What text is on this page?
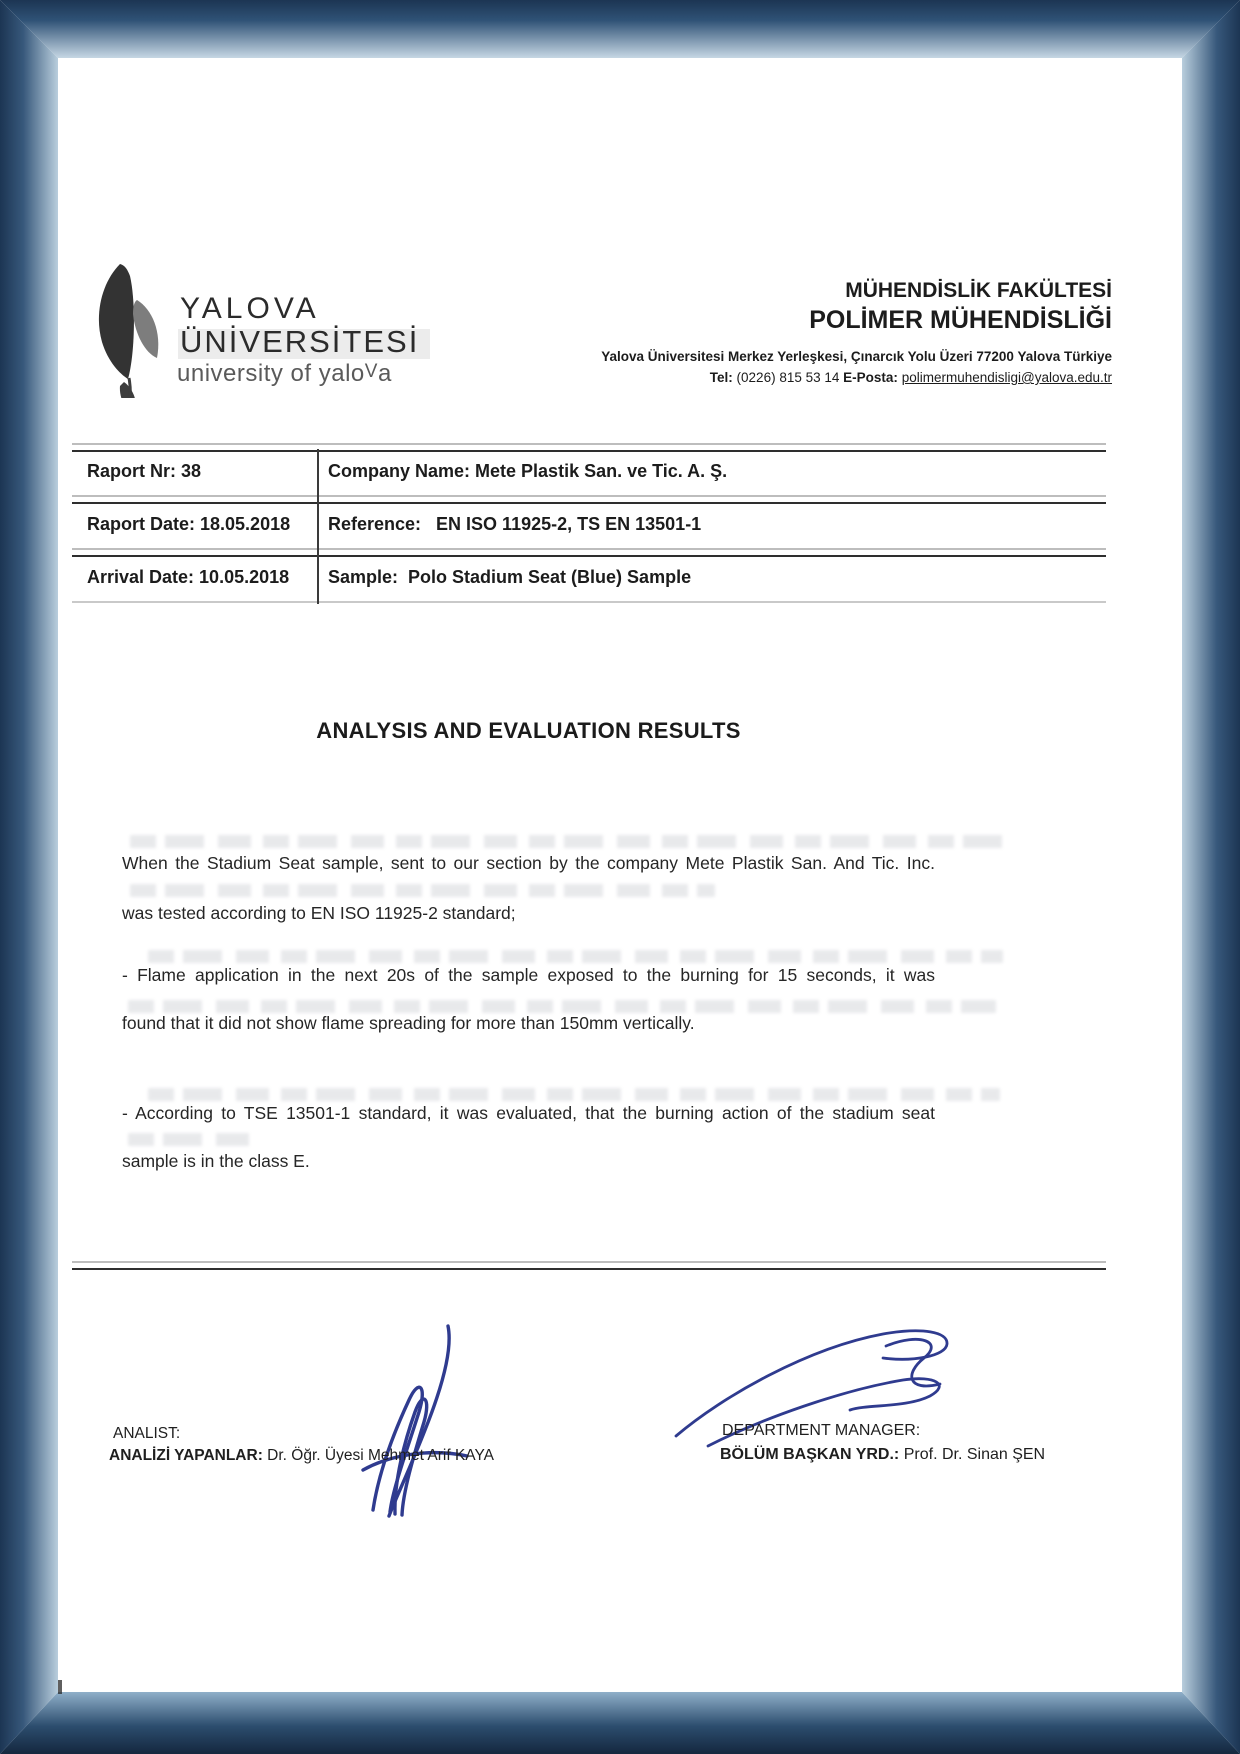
YALOVA
ÜNİVERSİTESİ
university of yalo$^V$a
MÜHENDİSLİK FAKÜLTESİ
POLİMER MÜHENDİSLİĞİ
Yalova Üniversitesi Merkez Yerleşkesi, Çınarcık Yolu Üzeri 77200 Yalova Türkiye
Tel: (0226) 815 53 14 E-Posta: polimermuhendisligi@yalova.edu.tr
Raport Nr: 38	Company Name: Mete Plastik San. ve Tic. A. Ş.
Raport Date: 18.05.2018 Reference:   EN ISO 11925-2, TS EN 13501-1
Arrival Date: 10.05.2018 Sample:  Polo Stadium Seat (Blue) Sample
ANALYSIS AND EVALUATION RESULTS
When the Stadium Seat sample, sent to our section by the company Mete Plastik San. And Tic. Inc.
was tested according to EN ISO 11925-2 standard;
- Flame application in the next 20s of the sample exposed to the burning for 15 seconds, it was
found that it did not show flame spreading for more than 150mm vertically.
- According to TSE 13501-1 standard, it was evaluated, that the burning action of the stadium seat
sample is in the class E.
ANALIST:
ANALİZİ YAPANLAR: Dr. Öğr. Üyesi Mehmet Arif KAYA
DEPARTMENT MANAGER:
BÖLÜM BAŞKAN YRD.: Prof. Dr. Sinan ŞEN
